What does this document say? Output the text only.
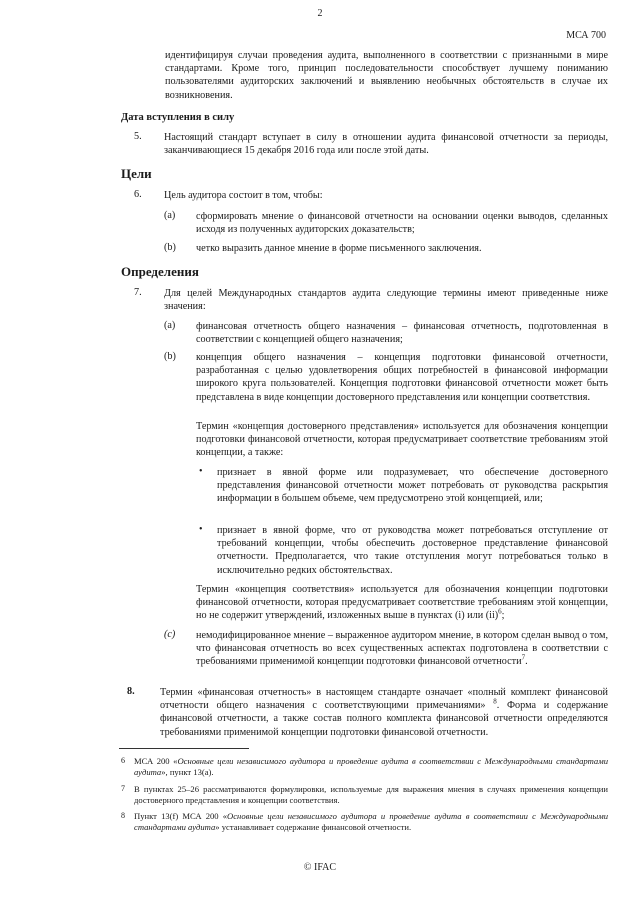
2
МСА 700
идентифицируя случаи проведения аудита, выполненного в соответствии с признанными в мире стандартами. Кроме того, принцип последовательности способствует лучшему пониманию пользователями аудиторских заключений и выявлению необычных обстоятельств в случае их возникновения.
Дата вступления в силу
5. Настоящий стандарт вступает в силу в отношении аудита финансовой отчетности за периоды, заканчивающиеся 15 декабря 2016 года или после этой даты.
Цели
6. Цель аудитора состоит в том, чтобы:
(a) сформировать мнение о финансовой отчетности на основании оценки выводов, сделанных исходя из полученных аудиторских доказательств;
(b) четко выразить данное мнение в форме письменного заключения.
Определения
7. Для целей Международных стандартов аудита следующие термины имеют приведенные ниже значения:
(a) финансовая отчетность общего назначения – финансовая отчетность, подготовленная в соответствии с концепцией общего назначения;
(b) концепция общего назначения – концепция подготовки финансовой отчетности, разработанная с целью удовлетворения общих потребностей в финансовой информации широкого круга пользователей. Концепция подготовки финансовой отчетности может быть представлена в виде концепции достоверного представления или концепции соответствия.
Термин «концепция достоверного представления» используется для обозначения концепции подготовки финансовой отчетности, которая предусматривает соответствие требованиям этой концепции, а также:
• признает в явной форме или подразумевает, что обеспечение достоверного представления финансовой отчетности может потребовать от руководства раскрытия информации в большем объеме, чем предусмотрено этой концепцией, или;
• признает в явной форме, что от руководства может потребоваться отступление от требований концепции, чтобы обеспечить достоверное представление финансовой отчетности. Предполагается, что такие отступления могут потребоваться только в исключительно редких обстоятельствах.
Термин «концепция соответствия» используется для обозначения концепции подготовки финансовой отчетности, которая предусматривает соответствие требованиям этой концепции, но не содержит утверждений, изложенных выше в пунктах (i) или (ii)$^6$;
(c) немодифицированное мнение – выраженное аудитором мнение, в котором сделан вывод о том, что финансовая отчетность во всех существенных аспектах подготовлена в соответствии с требованиями применимой концепции подготовки финансовой отчетности$^7$.
8. Термин «финансовая отчетность» в настоящем стандарте означает «полный комплект финансовой отчетности общего назначения с соответствующими примечаниями» $^8$. Форма и содержание финансовой отчетности, а также состав полного комплекта финансовой отчетности определяются требованиями применимой концепции подготовки финансовой отчетности.
6 МСА 200 «Основные цели независимого аудитора и проведение аудита в соответствии с Международными стандартами аудита», пункт 13(a).
7 В пунктах 25–26 рассматриваются формулировки, используемые для выражения мнения в случаях применения концепции достоверного представления и концепции соответствия.
8 Пункт 13(f) МСА 200 «Основные цели независимого аудитора и проведение аудита в соответствии с Международными стандартами аудита» устанавливает содержание финансовой отчетности.
© IFAC
